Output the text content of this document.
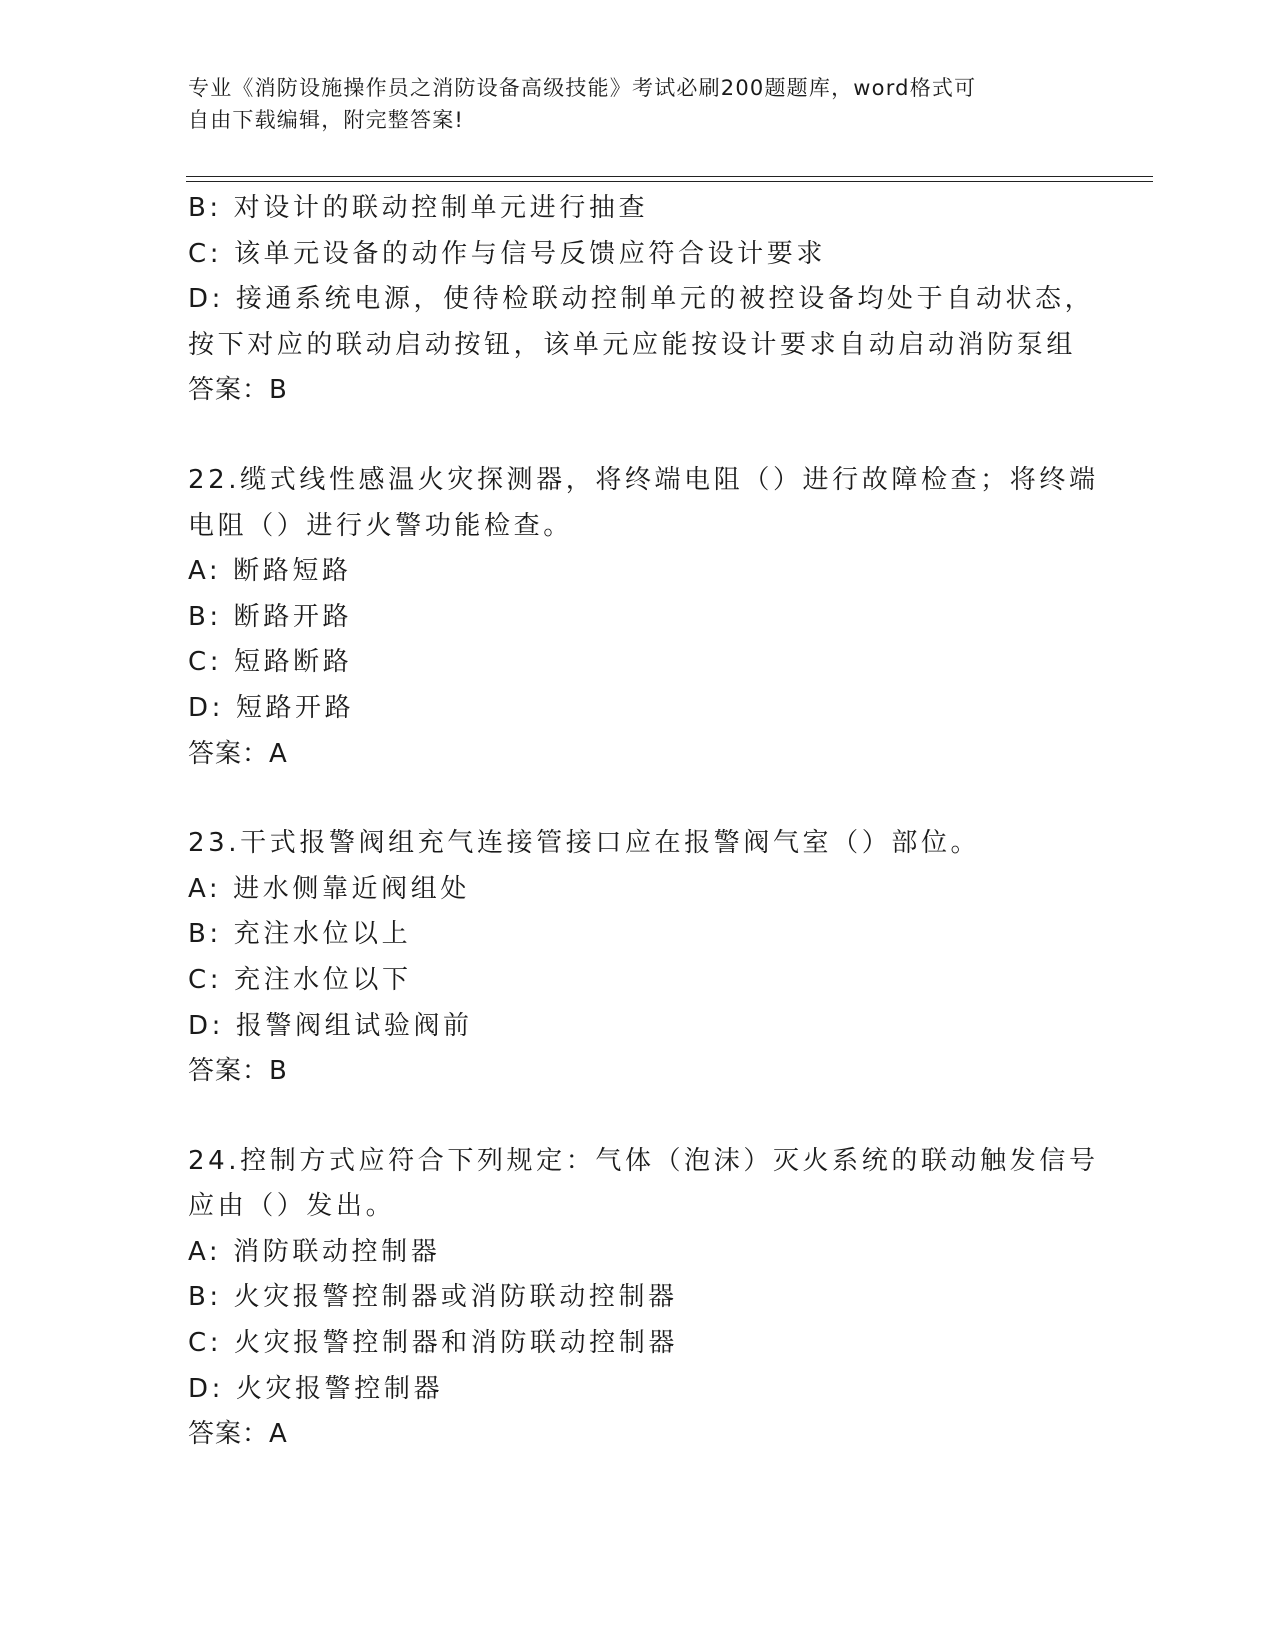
专业《消防设施操作员之消防设备高级技能》考试必刷200题题库，word格式可
自由下载编辑，附完整答案!
B: 对设计的联动控制单元进行抽查
C: 该单元设备的动作与信号反馈应符合设计要求
D: 接通系统电源，使待检联动控制单元的被控设备均处于自动状态，
按下对应的联动启动按钮，该单元应能按设计要求自动启动消防泵组
答案：B
22.缆式线性感温火灾探测器，将终端电阻（）进行故障检查；将终端
电阻（）进行火警功能检查。
A: 断路短路
B: 断路开路
C: 短路断路
D: 短路开路
答案：A
23.干式报警阀组充气连接管接口应在报警阀气室（）部位。
A: 进水侧靠近阀组处
B: 充注水位以上
C: 充注水位以下
D: 报警阀组试验阀前
答案：B
24.控制方式应符合下列规定：气体（泡沫）灭火系统的联动触发信号
应由（）发出。
A: 消防联动控制器
B: 火灾报警控制器或消防联动控制器
C: 火灾报警控制器和消防联动控制器
D: 火灾报警控制器
答案：A
